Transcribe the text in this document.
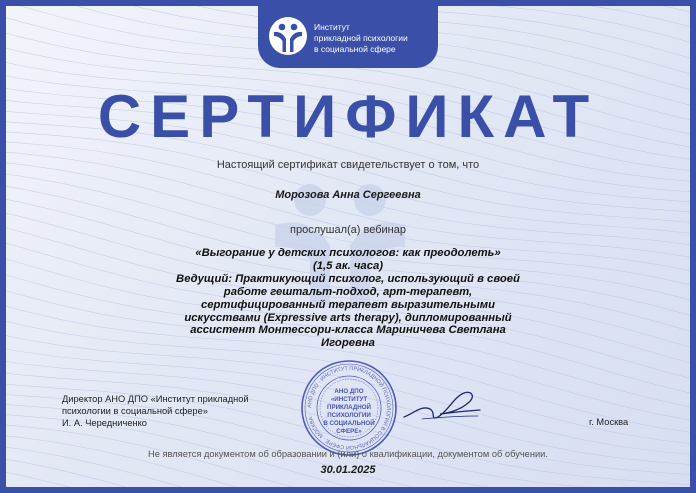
Институт
прикладной психологии
в социальной сфере
СЕРТИФИКАТ
Настоящий сертификат свидетельствует о том, что
Морозова Анна Сергеевна
прослушал(а) вебинар
«Выгорание у детских психологов: как преодолеть»
(1,5 ак. часа)
Ведущий: Практикующий психолог, использующий в своей
работе гештальт-подход, арт-терапевт,
сертифицированный терапевт выразительными
искусствами (Expressive arts therapy), дипломированный
ассистент Монтессори-класса Мариничева Светлана
Игоревна
Директор АНО ДПО «Институт прикладной
психологии в социальной сфере»
И. А. Чередниченко
АНО ДПО · ИНСТИТУТ ПРИКЛАДНОЙ ПСИХОЛОГИИ В СОЦИАЛЬНОЙ СФЕРЕ · МОСКВА ·
АНО ДПО
«ИНСТИТУТ
ПРИКЛАДНОЙ
ПСИХОЛОГИИ
В СОЦИАЛЬНОЙ
СФЕРЕ»
г. Москва
Не является документом об образовании и (или) о квалификации, документом об обучении.
30.01.2025
